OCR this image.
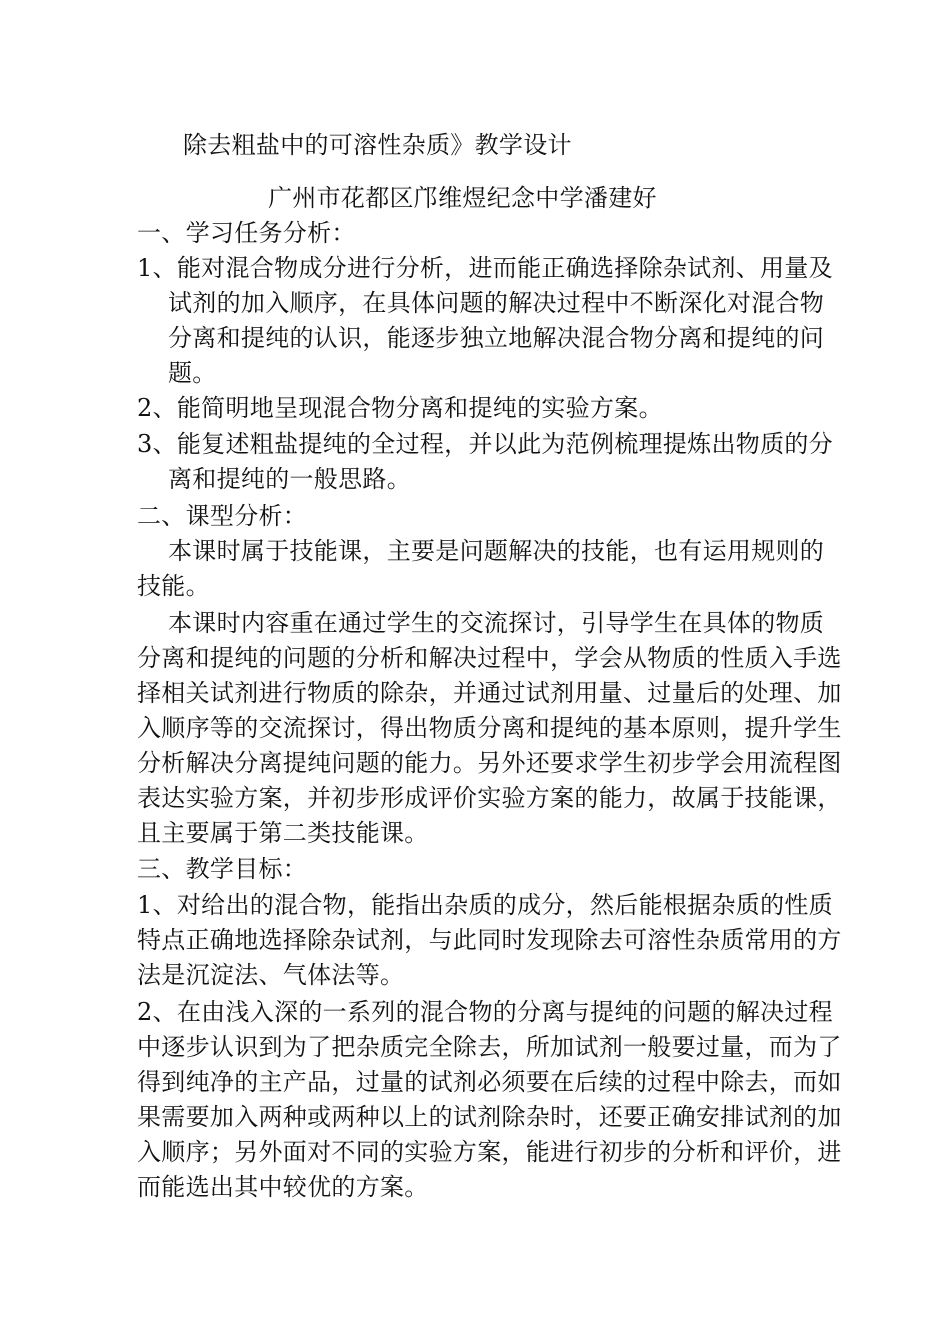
除去粗盐中的可溶性杂质》教学设计
广州市花都区邝维煜纪念中学潘建好
一、学习任务分析：
1、能对混合物成分进行分析，进而能正确选择除杂试剂、用量及
试剂的加入顺序，在具体问题的解决过程中不断深化对混合物
分离和提纯的认识，能逐步独立地解决混合物分离和提纯的问
题。
2、能简明地呈现混合物分离和提纯的实验方案。
3、能复述粗盐提纯的全过程，并以此为范例梳理提炼出物质的分
离和提纯的一般思路。
二、课型分析：
本课时属于技能课，主要是问题解决的技能，也有运用规则的
技能。
本课时内容重在通过学生的交流探讨，引导学生在具体的物质
分离和提纯的问题的分析和解决过程中，学会从物质的性质入手选
择相关试剂进行物质的除杂，并通过试剂用量、过量后的处理、加
入顺序等的交流探讨，得出物质分离和提纯的基本原则，提升学生
分析解决分离提纯问题的能力。另外还要求学生初步学会用流程图
表达实验方案，并初步形成评价实验方案的能力，故属于技能课，
且主要属于第二类技能课。
三、教学目标：
1、对给出的混合物，能指出杂质的成分，然后能根据杂质的性质
特点正确地选择除杂试剂，与此同时发现除去可溶性杂质常用的方
法是沉淀法、气体法等。
2、在由浅入深的一系列的混合物的分离与提纯的问题的解决过程
中逐步认识到为了把杂质完全除去，所加试剂一般要过量，而为了
得到纯净的主产品，过量的试剂必须要在后续的过程中除去，而如
果需要加入两种或两种以上的试剂除杂时，还要正确安排试剂的加
入顺序；另外面对不同的实验方案，能进行初步的分析和评价，进
而能选出其中较优的方案。
